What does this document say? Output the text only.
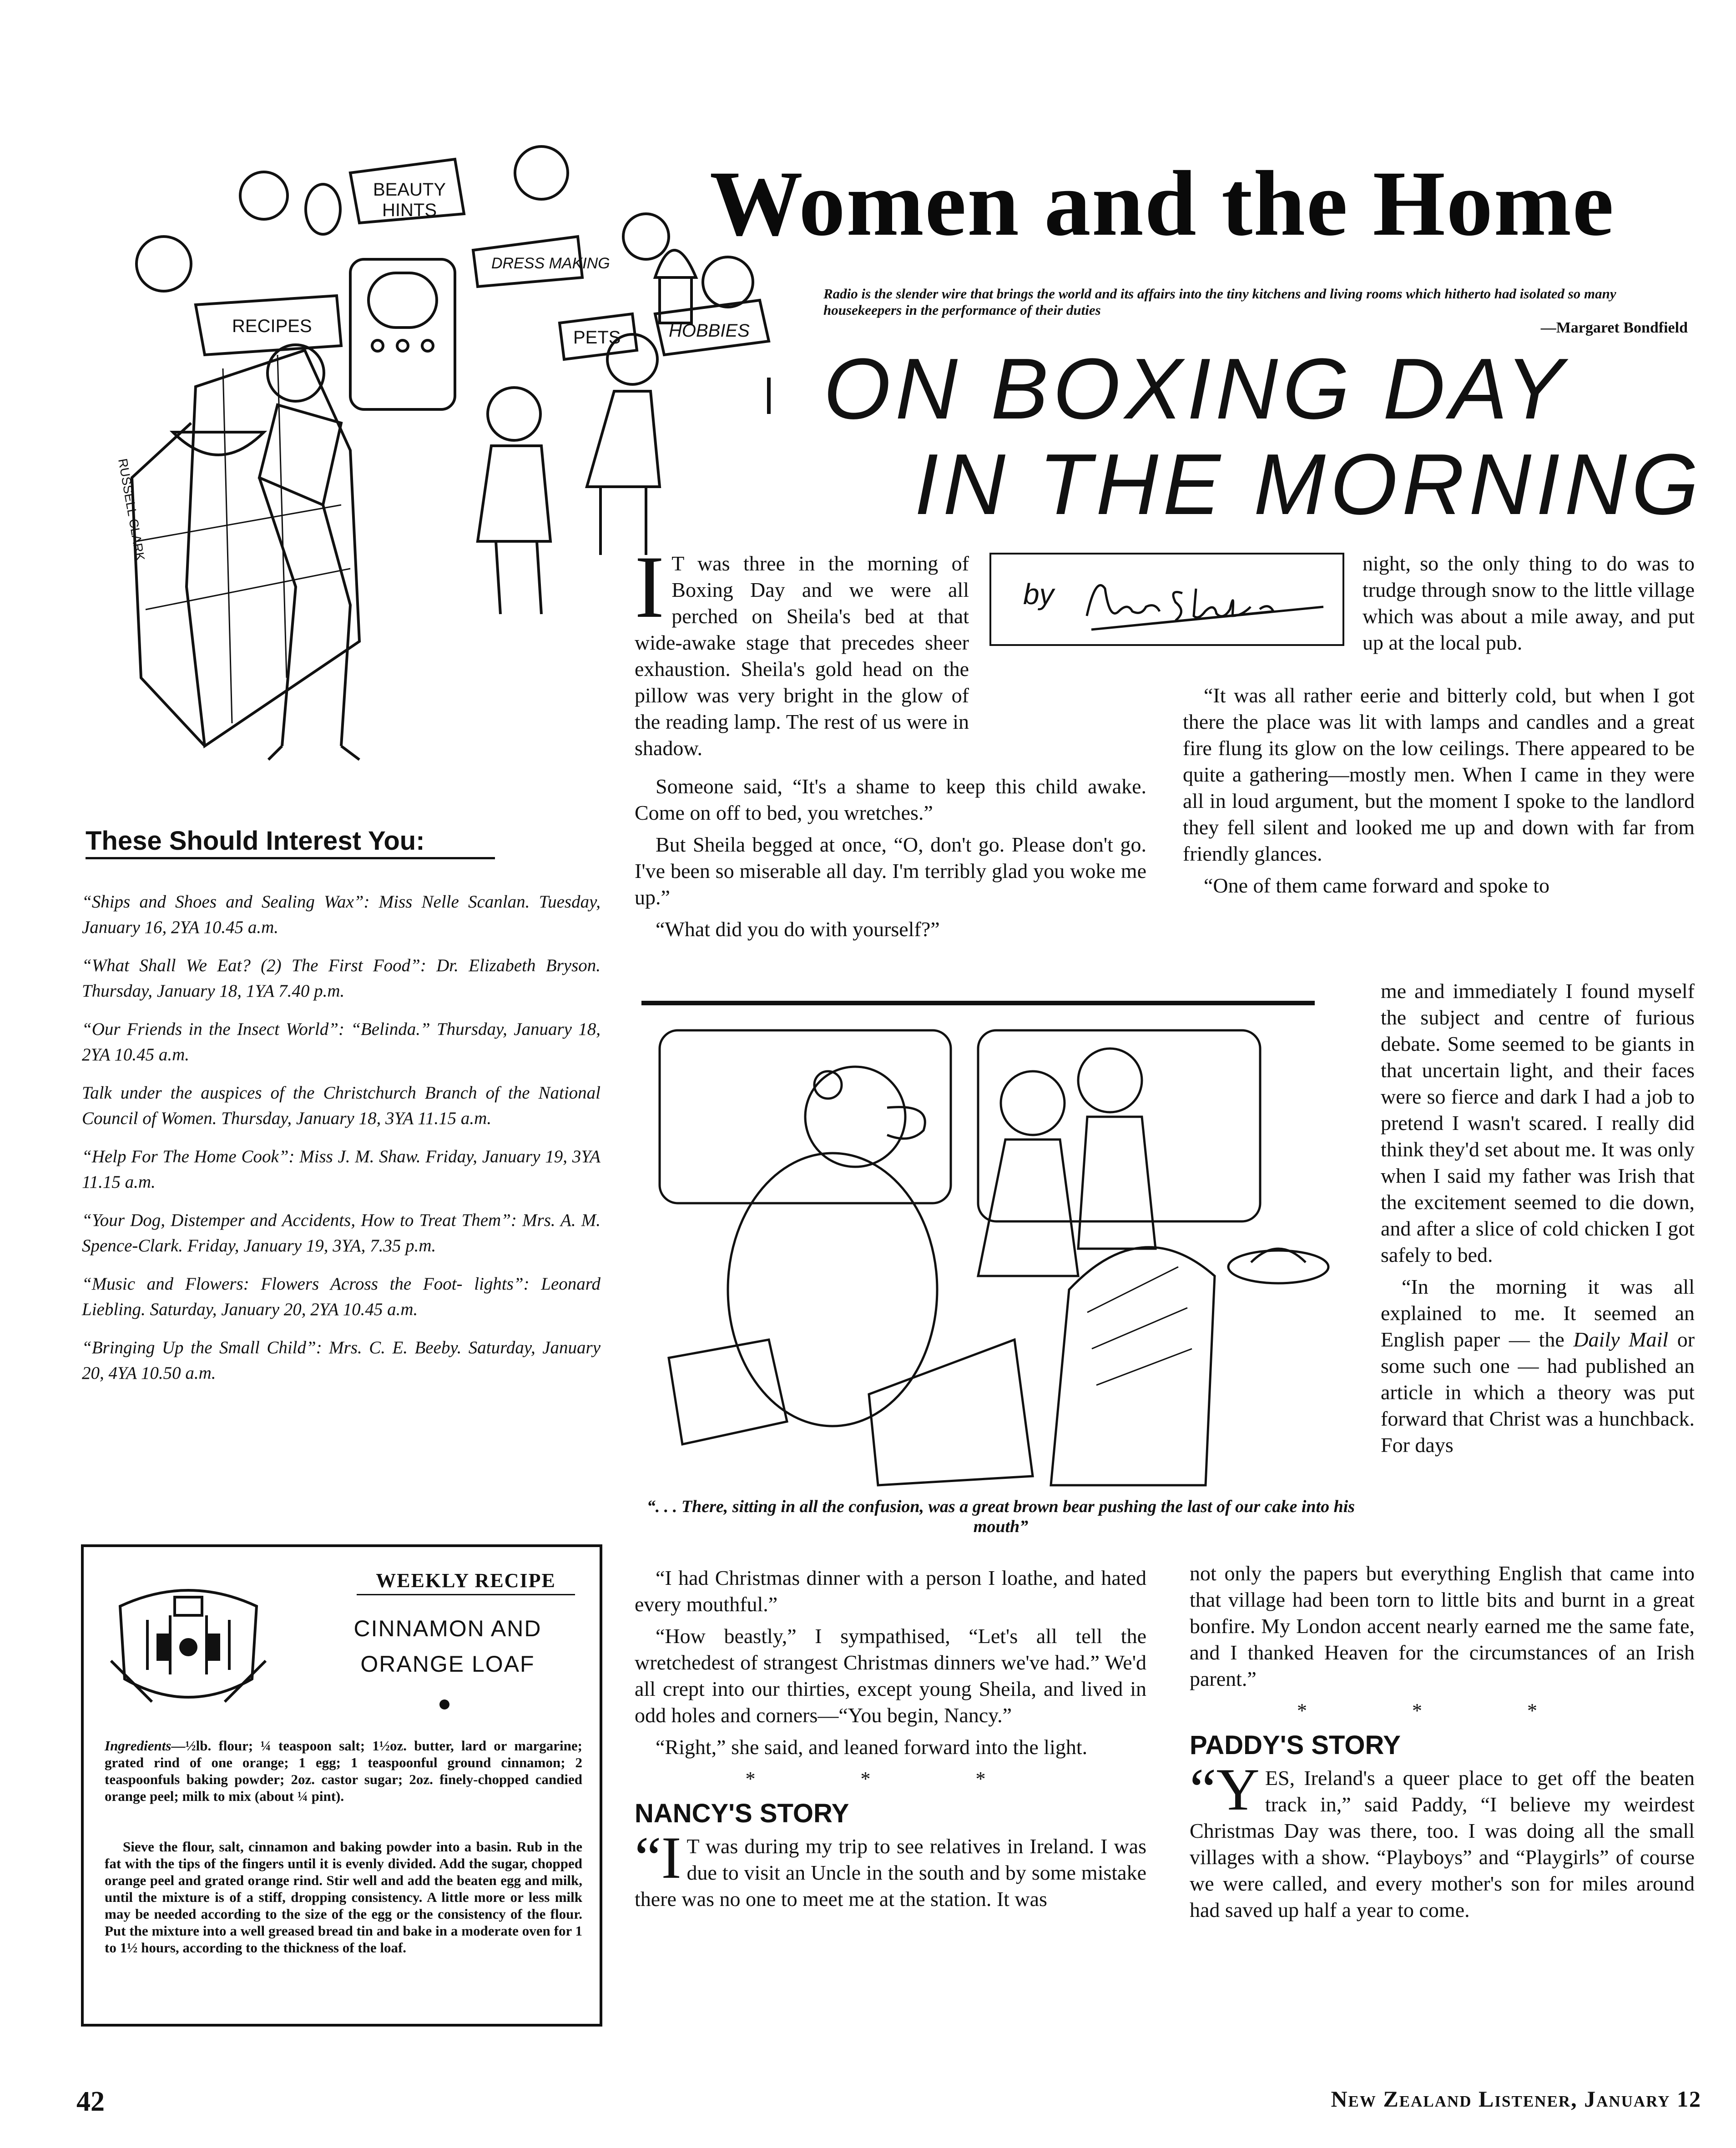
Women and the Home
Radio is the slender wire that brings the world and its affairs into the tiny kitchens and living rooms which hitherto had isolated so many housekeepers in the performance of their duties
—Margaret Bondfield
BEAUTY
HINTS
RECIPES
DRESS MAKING
PETS	HOBBIES
RUSSELL CLARK
ON BOXING DAY
IN THE MORNING
by

I T was three in the morning of Boxing Day and we were all perched on Sheila's bed at that wide-awake stage that precedes sheer exhaustion. Sheila's gold head on the pillow was very bright in the glow of the reading lamp. The rest of us were in shadow.

Someone said, “It's a shame to keep this child awake. Come on off to bed, you wretches.”

But Sheila begged at once, “O, don't go. Please don't go. I've been so miserable all day. I'm terribly glad you woke me up.”

“What did you do with yourself?”

night, so the only thing to do was to trudge through snow to the little village which was about a mile away, and put up at the local pub.

“It was all rather eerie and bitterly cold, but when I got there the place was lit with lamps and candles and a great fire flung its glow on the low ceilings. There appeared to be quite a gathering—mostly men. When I came in they were all in loud argument, but the moment I spoke to the landlord they fell silent and looked me up and down with far from friendly glances.

“One of them came forward and spoke to

me and immediately I found myself the subject and centre of furious debate. Some seemed to be giants in that uncertain light, and their faces were so fierce and dark I had a job to pretend I wasn't scared. I really did think they'd set about me. It was only when I said my father was Irish that the excitement seemed to die down, and after a slice of cold chicken I got safely to bed.

“In the morning it was all explained to me. It seemed an English paper — the Daily Mail or some such one — had published an article in which a theory was put forward that Christ was a hunchback. For days

“. . . There, sitting in all the confusion, was a great brown bear pushing the last of our cake into his mouth”

“I had Christmas dinner with a person I loathe, and hated every mouthful.”

“How beastly,” I sympathised, “Let's all tell the wretchedest of strangest Christmas dinners we've had.” We'd all crept into our thirties, except young Sheila, and lived in odd holes and corners—“You begin, Nancy.”

“Right,” she said, and leaned forward into the light.

* * *
NANCY'S STORY

“I T was during my trip to see relatives in Ireland. I was due to visit an Uncle in the south and by some mistake there was no one to meet me at the station. It was

not only the papers but everything English that came into that village had been torn to little bits and burnt in a great bonfire. My London accent nearly earned me the same fate, and I thanked Heaven for the circumstances of an Irish parent.”

* * *
PADDY'S STORY

“YES, Ireland's a queer place to get off the beaten track in,” said Paddy, “I believe my weirdest Christmas Day was there, too. I was doing all the small villages with a show. “Playboys” and “Playgirls” of course we were called, and every mother's son for miles around had saved up half a year to come.

These Should Interest You:
“Ships and Shoes and Sealing Wax”: Miss Nelle Scanlan. Tuesday, January 16, 2YA 10.45 a.m.
“What Shall We Eat? (2) The First Food”: Dr. Elizabeth Bryson. Thursday, January 18, 1YA 7.40 p.m.
“Our Friends in the Insect World”: “Belinda.” Thursday, January 18, 2YA 10.45 a.m.
Talk under the auspices of the Christchurch Branch of the National Council of Women. Thursday, January 18, 3YA 11.15 a.m.
“Help For The Home Cook”: Miss J. M. Shaw. Friday, January 19, 3YA 11.15 a.m.
“Your Dog, Distemper and Accidents, How to Treat Them”: Mrs. A. M. Spence-Clark. Friday, January 19, 3YA, 7.35 p.m.
“Music and Flowers: Flowers Across the Foot- lights”: Leonard Liebling. Saturday, January 20, 2YA 10.45 a.m.
“Bringing Up the Small Child”: Mrs. C. E. Beeby. Saturday, January 20, 4YA 10.50 a.m.
WEEKLY RECIPE
CINNAMON AND
ORANGE LOAF
Ingredients—½lb. flour; ¼ teaspoon salt; 1½oz. butter, lard or margarine; grated rind of one orange; 1 egg; 1 teaspoonful ground cinnamon; 2 teaspoonfuls baking powder; 2oz. castor sugar; 2oz. finely-chopped candied orange peel; milk to mix (about ¼ pint).
Sieve the flour, salt, cinnamon and baking powder into a basin. Rub in the fat with the tips of the fingers until it is evenly divided. Add the sugar, chopped orange peel and grated orange rind. Stir well and add the beaten egg and milk, until the mixture is of a stiff, dropping consistency. A little more or less milk may be needed according to the size of the egg or the consistency of the flour. Put the mixture into a well greased bread tin and bake in a moderate oven for 1 to 1½ hours, according to the thickness of the loaf.
42	New Zealand Listener, January 12
